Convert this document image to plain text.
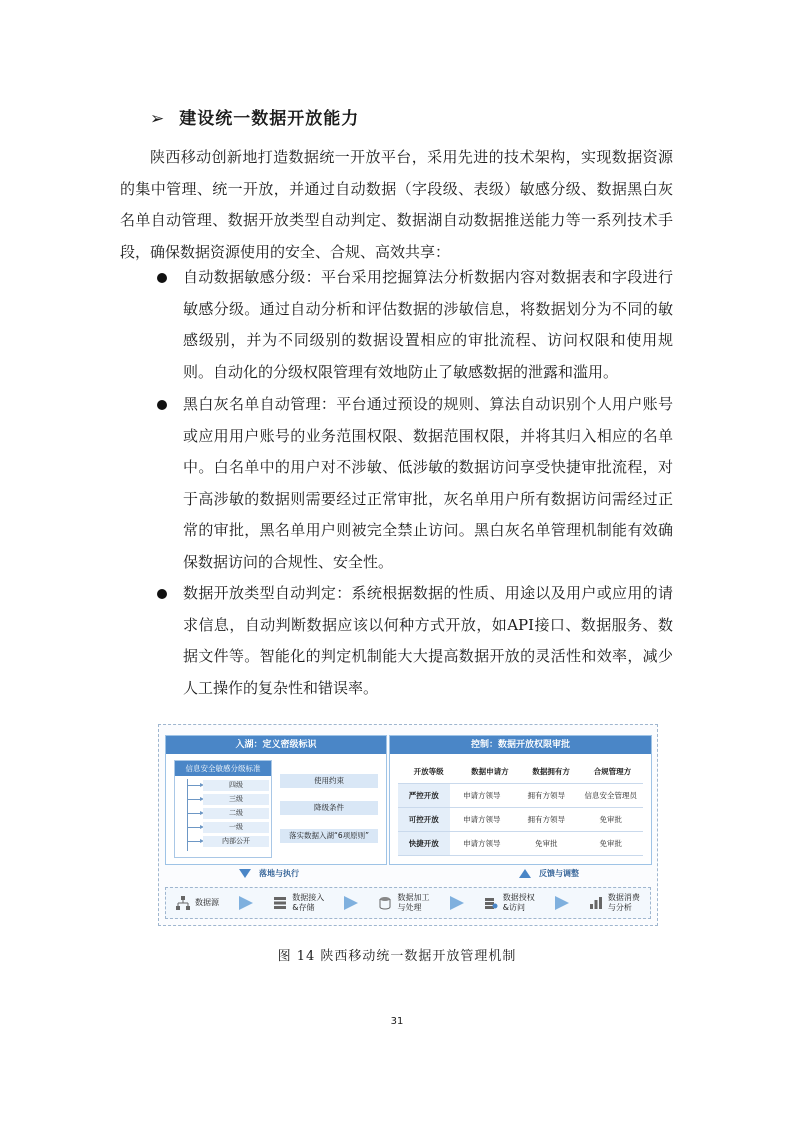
➢ 建设统一数据开放能力

陕西移动创新地打造数据统一开放平台，采用先进的技术架构，实现数据资源的集中管理、统一开放，并通过自动数据（字段级、表级）敏感分级、数据黑白灰名单自动管理、数据开放类型自动判定、数据湖自动数据推送能力等一系列技术手段，确保数据资源使用的安全、合规、高效共享：

自动数据敏感分级：平台采用挖掘算法分析数据内容对数据表和字段进行敏感分级。通过自动分析和评估数据的涉敏信息，将数据划分为不同的敏感级别，并为不同级别的数据设置相应的审批流程、访问权限和使用规则。自动化的分级权限管理有效地防止了敏感数据的泄露和滥用。

黑白灰名单自动管理：平台通过预设的规则、算法自动识别个人用户账号或应用用户账号的业务范围权限、数据范围权限，并将其归入相应的名单中。白名单中的用户对不涉敏、低涉敏的数据访问享受快捷审批流程，对于高涉敏的数据则需要经过正常审批，灰名单用户所有数据访问需经过正常的审批，黑名单用户则被完全禁止访问。黑白灰名单管理机制能有效确保数据访问的合规性、安全性。

数据开放类型自动判定：系统根据数据的性质、用途以及用户或应用的请求信息，自动判断数据应该以何种方式开放，如API接口、数据服务、数据文件等。智能化的判定机制能大大提高数据开放的灵活性和效率，减少人工操作的复杂性和错误率。

入湖：定义密级标识
信息安全敏感分级标准
四级
三级
二级
一级
内部公开
使用约束
降级条件
落实数据入湖“6项原则”
控制：数据开放权限审批
开放等级	数据申请方	数据拥有方	合规管理方
严控开放	申请方领导	拥有方领导	信息安全管理员
可控开放	申请方领导	拥有方领导	免审批
快捷开放	申请方领导	免审批	免审批
落地与执行	反馈与调整
数据源
数据接入
&存储
数据加工
与处理
数据授权
&访问
数据消费
与分析

图 14 陕西移动统一数据开放管理机制

31
